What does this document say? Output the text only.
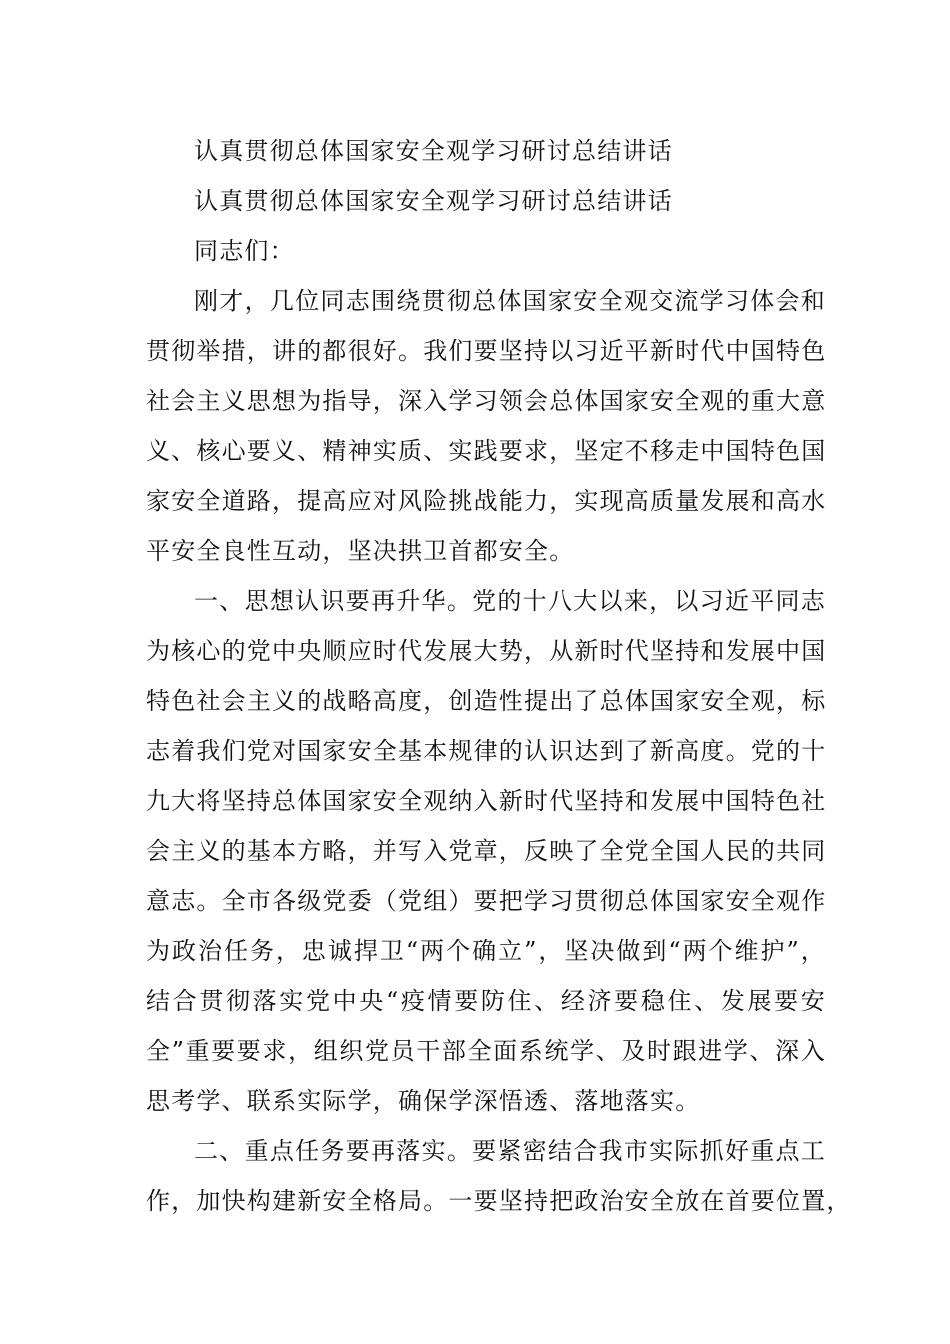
认真贯彻总体国家安全观学习研讨总结讲话
认真贯彻总体国家安全观学习研讨总结讲话
同志们：
刚才，几位同志围绕贯彻总体国家安全观交流学习体会和
贯彻举措，讲的都很好。我们要坚持以习近平新时代中国特色
社会主义思想为指导，深入学习领会总体国家安全观的重大意
义、核心要义、精神实质、实践要求，坚定不移走中国特色国
家安全道路，提高应对风险挑战能力，实现高质量发展和高水
平安全良性互动，坚决拱卫首都安全。
一、思想认识要再升华。党的十八大以来，以习近平同志
为核心的党中央顺应时代发展大势，从新时代坚持和发展中国
特色社会主义的战略高度，创造性提出了总体国家安全观，标
志着我们党对国家安全基本规律的认识达到了新高度。党的十
九大将坚持总体国家安全观纳入新时代坚持和发展中国特色社
会主义的基本方略，并写入党章，反映了全党全国人民的共同
意志。全市各级党委（党组）要把学习贯彻总体国家安全观作
为政治任务，忠诚捍卫“两个确立”，坚决做到“两个维护”，
结合贯彻落实党中央“疫情要防住、经济要稳住、发展要安
全”重要要求，组织党员干部全面系统学、及时跟进学、深入
思考学、联系实际学，确保学深悟透、落地落实。
二、重点任务要再落实。要紧密结合我市实际抓好重点工
作，加快构建新安全格局。一要坚持把政治安全放在首要位置，
